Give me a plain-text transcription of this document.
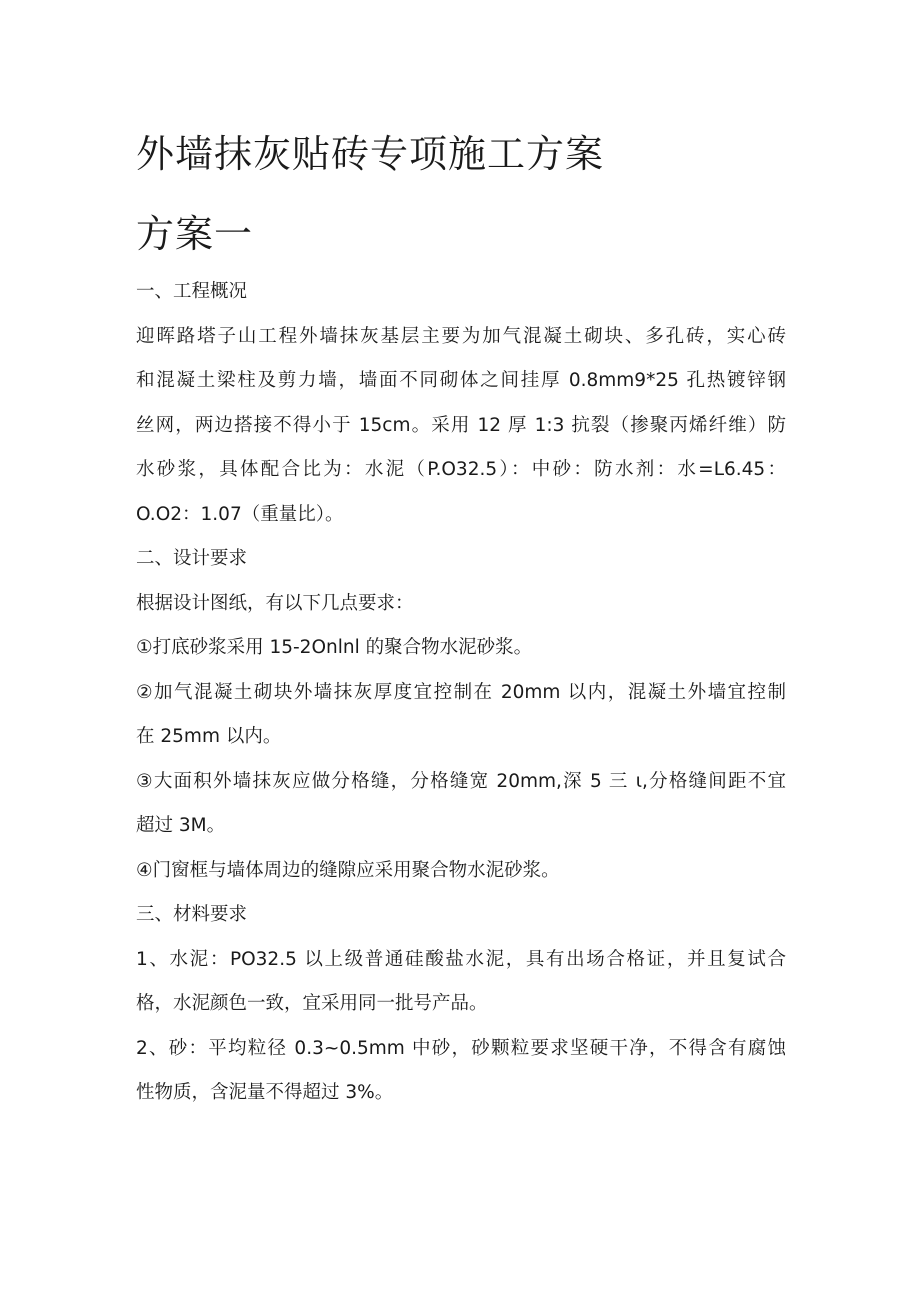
外墙抹灰贴砖专项施工方案
方案一
一、工程概况
迎晖路塔子山工程外墙抹灰基层主要为加气混凝土砌块、多孔砖，实心砖
和混凝土梁柱及剪力墙，墙面不同砌体之间挂厚 0.8mm9*25 孔热镀锌钢
丝网，两边搭接不得小于 15cm。采用 12 厚 1:3 抗裂（掺聚丙烯纤维）防
水砂浆，具体配合比为：水泥（P.O32.5）：中砂：防水剂：水=L6.45：
O.O2：1.07（重量比）。
二、设计要求
根据设计图纸，有以下几点要求：
①打底砂浆采用 15-2Onlnl 的聚合物水泥砂浆。
②加气混凝土砌块外墙抹灰厚度宜控制在 20mm 以内，混凝土外墙宜控制
在 25mm 以内。
③大面积外墙抹灰应做分格缝，分格缝宽 20mm,深 5 三 ι,分格缝间距不宜
超过 3M。
④门窗框与墙体周边的缝隙应采用聚合物水泥砂浆。
三、材料要求
1、水泥：PO32.5 以上级普通硅酸盐水泥，具有出场合格证，并且复试合
格，水泥颜色一致，宜采用同一批号产品。
2、砂：平均粒径 0.3~0.5mm 中砂，砂颗粒要求坚硬干净，不得含有腐蚀
性物质，含泥量不得超过 3%。
